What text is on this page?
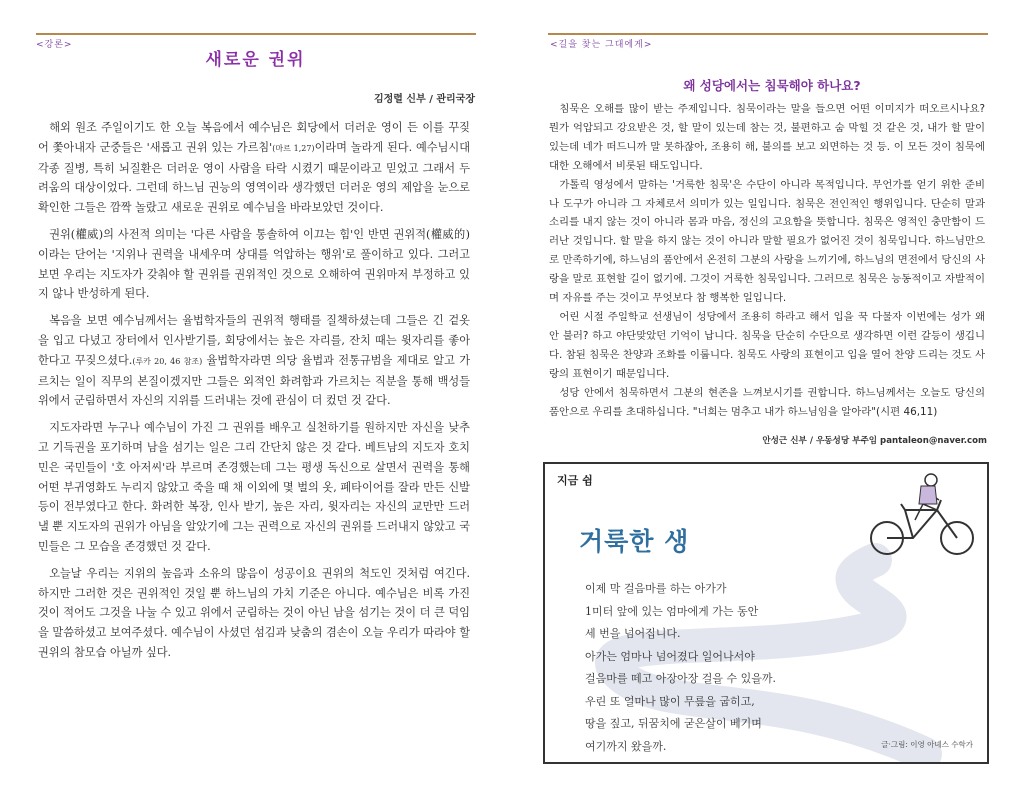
<강론>
새로운 권위
김정렬 신부 / 관리국장

해외 원조 주일이기도 한 오늘 복음에서 예수님은 회당에서 더러운 영이 든 이를 꾸짖어 쫓아내자 군중들은 '새롭고 권위 있는 가르침'(마르 1,27)이라며 놀라게 된다. 예수님시대 각종 질병, 특히 뇌질환은 더러운 영이 사람을 타락 시켰기 때문이라고 믿었고 그래서 두려움의 대상이었다. 그런데 하느님 권능의 영역이라 생각했던 더러운 영의 제압을 눈으로 확인한 그들은 깜짝 놀랐고 새로운 권위로 예수님을 바라보았던 것이다.

권위(權威)의 사전적 의미는 '다른 사람을 통솔하여 이끄는 힘'인 반면 권위적(權威的)이라는 단어는 '지위나 권력을 내세우며 상대를 억압하는 행위'로 풀이하고 있다. 그러고 보면 우리는 지도자가 갖춰야 할 권위를 권위적인 것으로 오해하여 권위마저 부정하고 있지 않나 반성하게 된다.

복음을 보면 예수님께서는 율법학자들의 권위적 행태를 질책하셨는데 그들은 긴 겉옷을 입고 다녔고 장터에서 인사받기를, 회당에서는 높은 자리를, 잔치 때는 윗자리를 좋아한다고 꾸짖으셨다.(루카 20, 46 참조) 율법학자라면 의당 율법과 전통규범을 제대로 알고 가르치는 일이 직무의 본질이겠지만 그들은 외적인 화려함과 가르치는 직분을 통해 백성들 위에서 군림하면서 자신의 지위를 드러내는 것에 관심이 더 컸던 것 같다.

지도자라면 누구나 예수님이 가진 그 권위를 배우고 실천하기를 원하지만 자신을 낮추고 기득권을 포기하며 남을 섬기는 일은 그리 간단치 않은 것 같다. 베트남의 지도자 호치민은 국민들이 '호 아저씨'라 부르며 존경했는데 그는 평생 독신으로 살면서 권력을 통해 어떤 부귀영화도 누리지 않았고 죽을 때 채 이외에 몇 벌의 옷, 폐타이어를 잘라 만든 신발 등이 전부였다고 한다. 화려한 복장, 인사 받기, 높은 자리, 윗자리는 자신의 교만만 드러낼 뿐 지도자의 권위가 아님을 알았기에 그는 권력으로 자신의 권위를 드러내지 않았고 국민들은 그 모습을 존경했던 것 같다.

오늘날 우리는 지위의 높음과 소유의 많음이 성공이요 권위의 척도인 것처럼 여긴다. 하지만 그러한 것은 권위적인 것일 뿐 하느님의 가치 기준은 아니다. 예수님은 비록 가진 것이 적어도 그것을 나눌 수 있고 위에서 군림하는 것이 아닌 남을 섬기는 것이 더 큰 덕임을 말씀하셨고 보여주셨다. 예수님이 사셨던 섬김과 낮춤의 겸손이 오늘 우리가 따라야 할 권위의 참모습 아닐까 싶다.

<길을 찾는 그대에게>
왜 성당에서는 침묵해야 하나요?

침묵은 오해를 많이 받는 주제입니다. 침묵이라는 말을 들으면 어떤 이미지가 떠오르시나요? 뭔가 억압되고 강요받은 것, 할 말이 있는데 참는 것, 불편하고 숨 막힐 것 같은 것, 내가 할 말이 있는데 네가 떠드니까 말 못하잖아, 조용히 해, 불의를 보고 외면하는 것 등. 이 모든 것이 침묵에 대한 오해에서 비롯된 태도입니다.

가톨릭 영성에서 말하는 '거룩한 침묵'은 수단이 아니라 목적입니다. 무언가를 얻기 위한 준비나 도구가 아니라 그 자체로서 의미가 있는 일입니다. 침묵은 전인적인 행위입니다. 단순히 말과 소리를 내지 않는 것이 아니라 몸과 마음, 정신의 고요함을 뜻합니다. 침묵은 영적인 충만함이 드러난 것입니다. 할 말을 하지 않는 것이 아니라 말할 필요가 없어진 것이 침묵입니다. 하느님만으로 만족하기에, 하느님의 품안에서 온전히 그분의 사랑을 느끼기에, 하느님의 면전에서 당신의 사랑을 말로 표현할 길이 없기에. 그것이 거룩한 침묵입니다. 그러므로 침묵은 능동적이고 자발적이며 자유를 주는 것이고 무엇보다 참 행복한 일입니다.

어린 시절 주일학교 선생님이 성당에서 조용히 하라고 해서 입을 꾹 다물자 이번에는 성가 왜 안 불러? 하고 야단맞았던 기억이 납니다. 침묵을 단순히 수단으로 생각하면 이런 갈등이 생깁니다. 참된 침묵은 찬양과 조화를 이룹니다. 침묵도 사랑의 표현이고 입을 열어 찬양 드리는 것도 사랑의 표현이기 때문입니다.

성당 안에서 침묵하면서 그분의 현존을 느껴보시기를 권합니다. 하느님께서는 오늘도 당신의 품안으로 우리를 초대하십니다. "너희는 멈추고 내가 하느님임을 알아라"(시편 46,11)

안성근 신부 / 우동성당 부주임 pantaleon@naver.com
지금 쉼
거룩한 생
이제 막 걸음마를 하는 아가가
1미터 앞에 있는 엄마에게 가는 동안
세 번을 넘어집니다.
아가는 엄마나 넘어졌다 일어나서야
걸음마를 떼고 아장아장 걸을 수 있을까.
우린 또 얼마나 많이 무릎을 굽히고,
땅을 짚고, 뒤꿈치에 굳은살이 베기며
여기까지 왔을까.	글·그림: 이영 아녜스 수학가
